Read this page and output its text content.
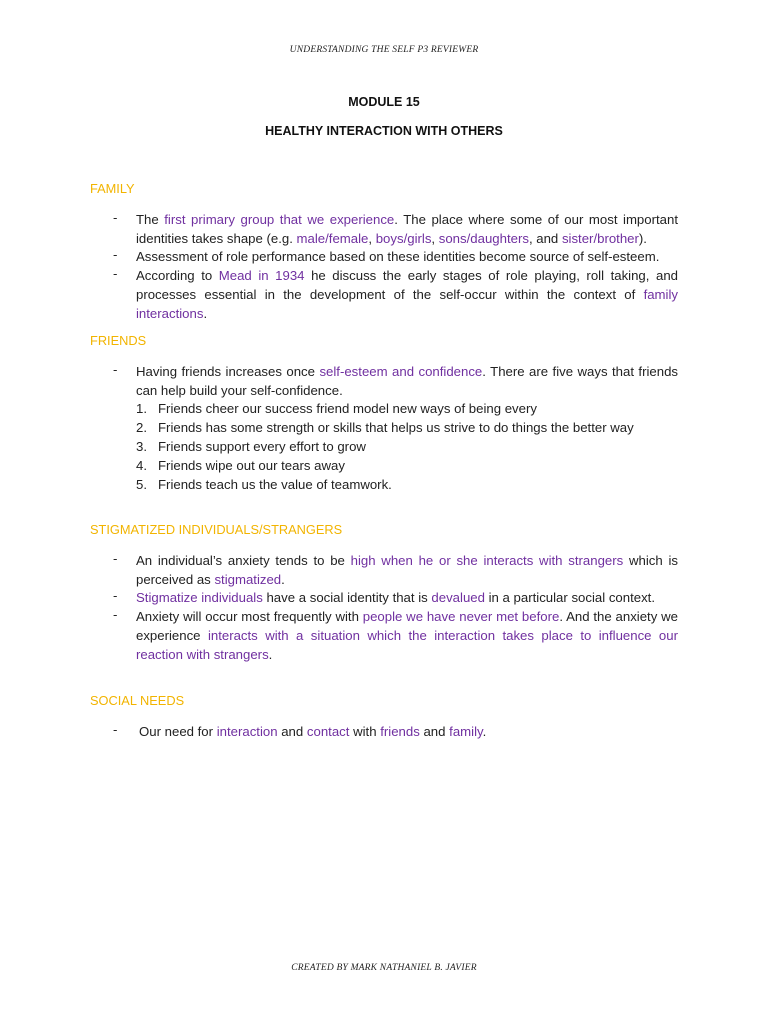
UNDERSTANDING THE SELF P3 REVIEWER
MODULE 15
HEALTHY INTERACTION WITH OTHERS
FAMILY
- The first primary group that we experience. The place where some of our most important identities takes shape (e.g. male/female, boys/girls, sons/daughters, and sister/brother).
- Assessment of role performance based on these identities become source of self-esteem.
- According to Mead in 1934 he discuss the early stages of role playing, roll taking, and processes essential in the development of the self-occur within the context of family interactions.
FRIENDS
- Having friends increases once self-esteem and confidence. There are five ways that friends can help build your self-confidence.
1. Friends cheer our success friend model new ways of being every
2. Friends has some strength or skills that helps us strive to do things the better way
3. Friends support every effort to grow
4. Friends wipe out our tears away
5. Friends teach us the value of teamwork.
STIGMATIZED INDIVIDUALS/STRANGERS
- An individual’s anxiety tends to be high when he or she interacts with strangers which is perceived as stigmatized.
- Stigmatize individuals have a social identity that is devalued in a particular social context.
- Anxiety will occur most frequently with people we have never met before. And the anxiety we experience interacts with a situation which the interaction takes place to influence our reaction with strangers.
SOCIAL NEEDS
- Our need for interaction and contact with friends and family.
CREATED BY MARK NATHANIEL B. JAVIER
